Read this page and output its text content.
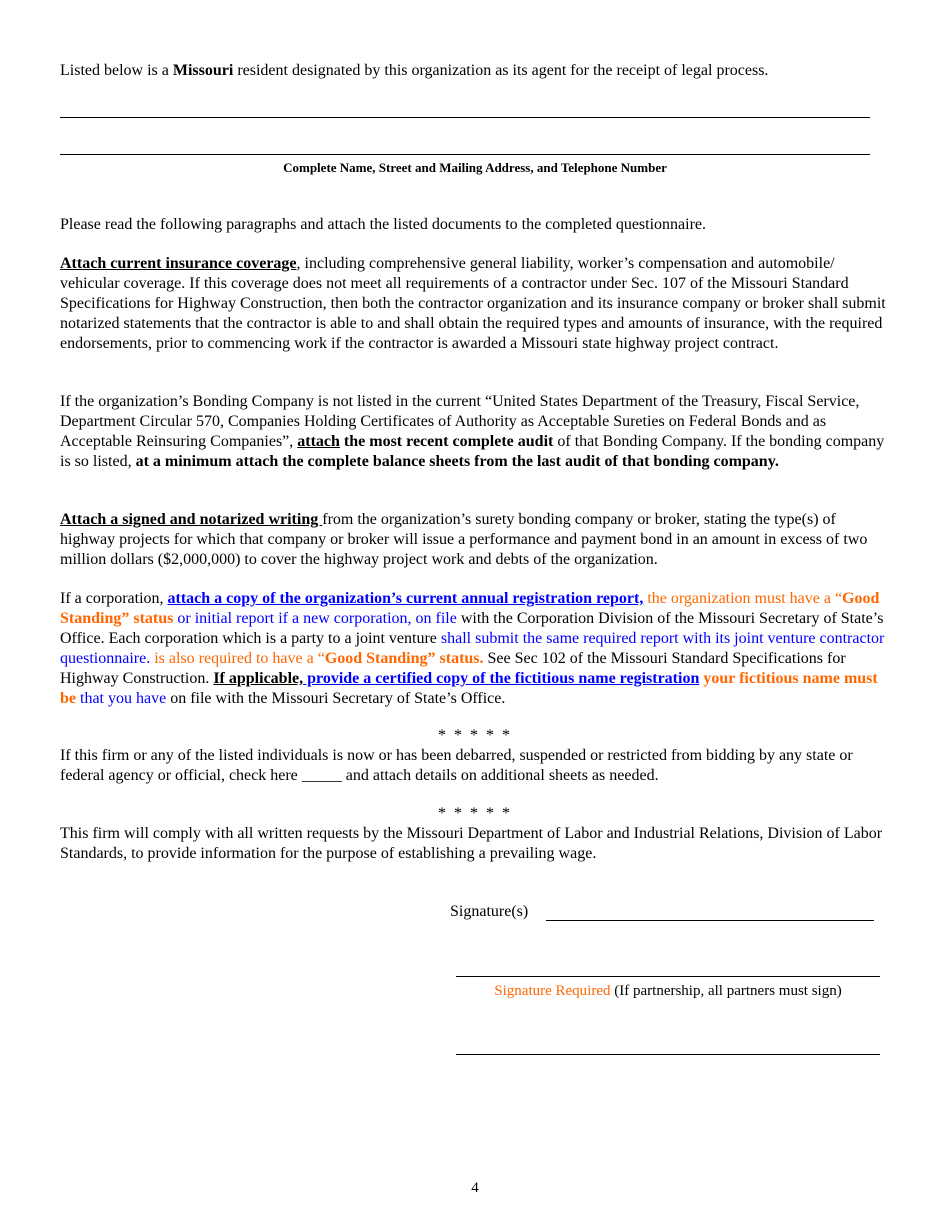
Listed below is a Missouri resident designated by this organization as its agent for the receipt of legal process.

Complete Name, Street and Mailing Address, and Telephone Number

Please read the following paragraphs and attach the listed documents to the completed questionnaire.

Attach current insurance coverage, including comprehensive general liability, worker’s compensation and automobile/ vehicular coverage. If this coverage does not meet all requirements of a contractor under Sec. 107 of the Missouri Standard Specifications for Highway Construction, then both the contractor organization and its insurance company or broker shall submit notarized statements that the contractor is able to and shall obtain the required types and amounts of insurance, with the required endorsements, prior to commencing work if the contractor is awarded a Missouri state highway project contract.

If the organization’s Bonding Company is not listed in the current “United States Department of the Treasury, Fiscal Service, Department Circular 570, Companies Holding Certificates of Authority as Acceptable Sureties on Federal Bonds and as Acceptable Reinsuring Companies”, attach the most recent complete audit of that Bonding Company. If the bonding company is so listed, at a minimum attach the complete balance sheets from the last audit of that bonding company.

Attach a signed and notarized writing from the organization’s surety bonding company or broker, stating the type(s) of highway projects for which that company or broker will issue a performance and payment bond in an amount in excess of two million dollars ($2,000,000) to cover the highway project work and debts of the organization.

If a corporation, attach a copy of the organization’s current annual registration report, the organization must have a “Good Standing” status or initial report if a new corporation, on file with the Corporation Division of the Missouri Secretary of State’s Office. Each corporation which is a party to a joint venture shall submit the same required report with its joint venture contractor questionnaire. is also required to have a “Good Standing” status. See Sec 102 of the Missouri Standard Specifications for Highway Construction. If applicable, provide a certified copy of the fictitious name registration your fictitious name must be that you have on file with the Missouri Secretary of State’s Office.

* * * * *

If this firm or any of the listed individuals is now or has been debarred, suspended or restricted from bidding by any state or federal agency or official, check here _____ and attach details on additional sheets as needed.

* * * * *

This firm will comply with all written requests by the Missouri Department of Labor and Industrial Relations, Division of Labor Standards, to provide information for the purpose of establishing a prevailing wage.

Signature(s)

Signature Required (If partnership, all partners must sign)

4
